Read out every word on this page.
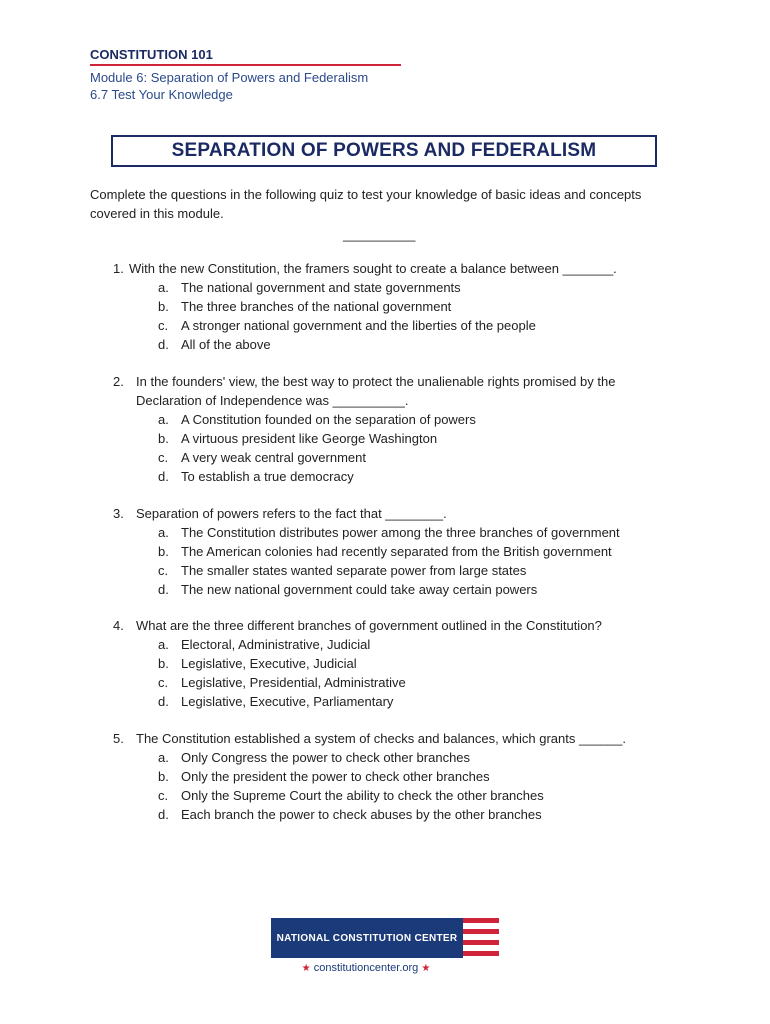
CONSTITUTION 101
Module 6: Separation of Powers and Federalism
6.7 Test Your Knowledge
SEPARATION OF POWERS AND FEDERALISM
Complete the questions in the following quiz to test your knowledge of basic ideas and concepts covered in this module.
__________
1. With the new Constitution, the framers sought to create a balance between _______.
a. The national government and state governments
b. The three branches of the national government
c. A stronger national government and the liberties of the people
d. All of the above
2. In the founders' view, the best way to protect the unalienable rights promised by the
Declaration of Independence was __________.
a. A Constitution founded on the separation of powers
b. A virtuous president like George Washington
c. A very weak central government
d. To establish a true democracy
3. Separation of powers refers to the fact that ________.
a. The Constitution distributes power among the three branches of government
b. The American colonies had recently separated from the British government
c. The smaller states wanted separate power from large states
d. The new national government could take away certain powers
4. What are the three different branches of government outlined in the Constitution?
a. Electoral, Administrative, Judicial
b. Legislative, Executive, Judicial
c. Legislative, Presidential, Administrative
d. Legislative, Executive, Parliamentary
5. The Constitution established a system of checks and balances, which grants ______.
a. Only Congress the power to check other branches
b. Only the president the power to check other branches
c. Only the Supreme Court the ability to check the other branches
d. Each branch the power to check abuses by the other branches
NATIONAL CONSTITUTION CENTER
★ constitutioncenter.org ★
